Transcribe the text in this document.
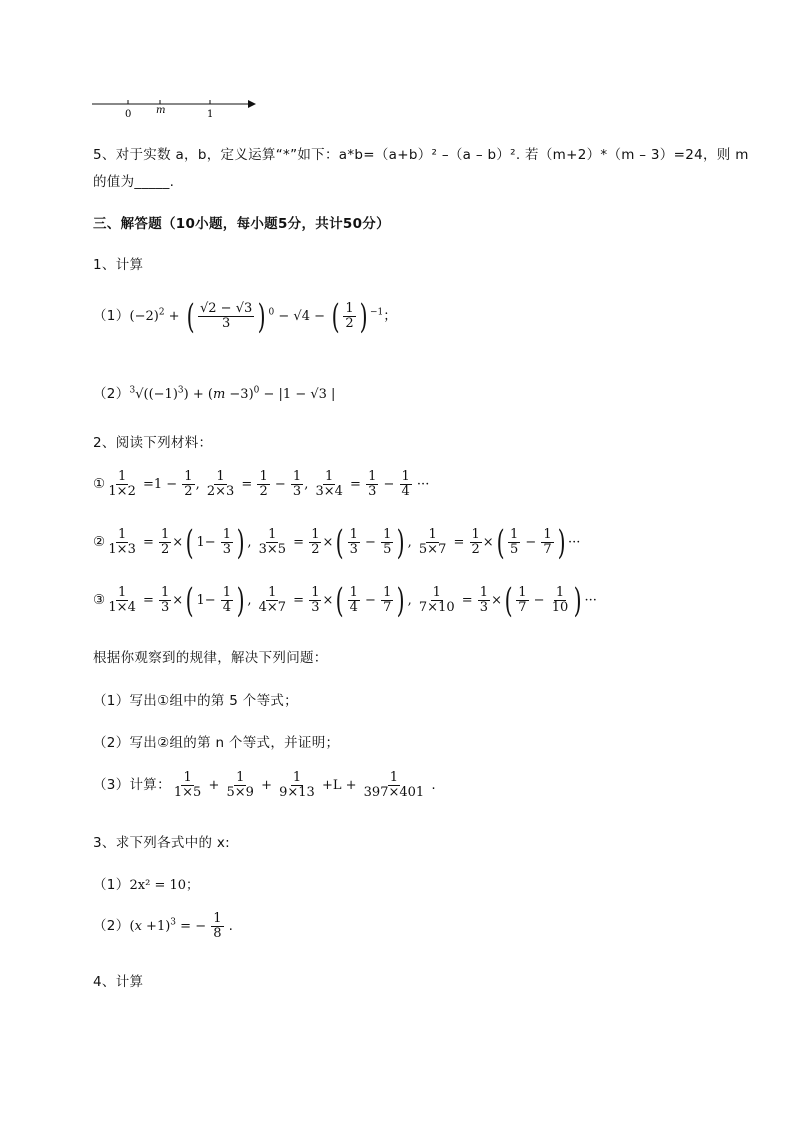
0 m	1
5、对于实数 a，b，定义运算“*”如下：a*b=（a+b）² –（a – b）². 若（m+2）*（m – 3）=24，则 m
的值为_____.
三、解答题（10小题，每小题5分，共计50分）
1、计算
$(1)(-2)^2$ + ( $\frac{√2 - √3}{3}$ ) $^0$ − √4 − ( $\frac{1}{2}$ ) $^{-1}$；
$(2)^3√((-1)^3) + (m -3)^0 - |1 - √3$ |
2、阅读下列材料：
① $\frac{1}{1\times 2} =1 - \frac{1}{2}$ , $\frac{1}{2\times 3} = \frac{1}{2} - \frac{1}{3}$ , $\frac{1}{3\times 4} = \frac{1}{3} - \frac{1}{4}$ ···
② $\frac{1}{1\times 3} = \frac{1}{2}$ ×( $1- \frac{1}{3}$ ) , $\frac{1}{3\times 5} = \frac{1}{2}$ ×( $\frac{1}{3} - \frac{1}{5}$ ) , $\frac{1}{5\times 7} = \frac{1}{2}$ ×( $\frac{1}{5} - \frac{1}{7}$ ) ···
③ $\frac{1}{1\times 4} = \frac{1}{3}$ ×( $1- \frac{1}{4}$ ) , $\frac{1}{4\times 7} = \frac{1}{3}$ ×( $\frac{1}{4} - \frac{1}{7}$ ) , $\frac{1}{7\times 10} = \frac{1}{3}$ ×( $\frac{1}{7} - \frac{1}{10}$ ) ···
根据你观察到的规律，解决下列问题：
（1）写出①组中的第 5 个等式；
（2）写出②组的第 n 个等式，并证明；
（3）计算： $\frac{1}{1\times 5} + \frac{1}{5\times 9} + \frac{1}{9\times 13} +L + \frac{1}{397\times 401}$ .
3、求下列各式中的 x:
（1）2x² = 10；
$(2)(x +1)^3$ = − $\frac{1}{8}$ .
4、计算
